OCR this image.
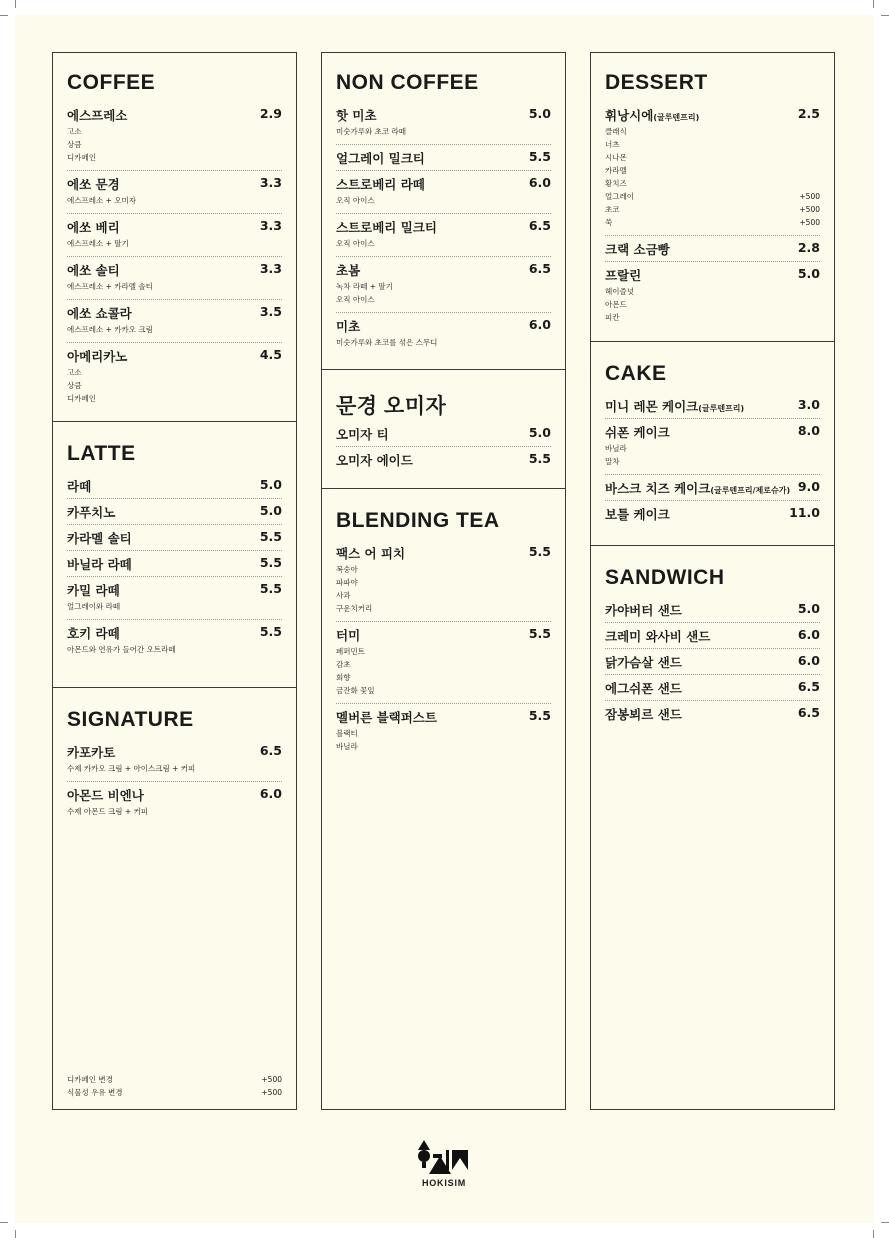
COFFEE
에스프레소	2.9
고소
상큼
디카페인
에쏘 문경	3.3
에스프레소 + 오미자
에쏘 베리	3.3
에스프레소 + 딸기
에쏘 솔티	3.3
에스프레소 + 카라멜 솔티
에쏘 쇼콜라	3.5
에스프레소 + 카카오 크림
아메리카노	4.5
고소
상큼
디카페인
LATTE
라떼	5.0
카푸치노	5.0
카라멜 솔티	5.5
바닐라 라떼	5.5
카밀 라떼	5.5
얼그레이와 라떼
호키 라떼	5.5
아몬드와 연유가 들어간 오트라떼
SIGNATURE
카포카토	6.5
수제 카카오 크림 + 아이스크림 + 커피
아몬드 비엔나	6.0
수제 아몬드 크림 + 커피
디카페인 변경	+500
식물성 우유 변경	+500
NON COFFEE
핫 미초	5.0
미숫가루와 초코 라떼
얼그레이 밀크티	5.5
스트로베리 라떼	6.0
오직 아이스
스트로베리 밀크티	6.5
오직 아이스
초봄	6.5
녹차 라떼 + 딸기
오직 아이스
미초	6.0
미숫가루와 초코를 섞은 스무디
문경 오미자
오미자 티	5.0
오미자 에이드	5.5
BLENDING TEA
팩스 어 피치	5.5
복숭아
파파야
사과
구운치커리
터미	5.5
페퍼민트
감초
회향
금잔화 꽃잎
멜버른 블랙퍼스트	5.5
블랙티
바닐라
DESSERT
휘낭시에(글루텐프리)	2.5
클래식
너츠
시나몬
카라멜
황치즈
얼그레이	+500
초코	+500
쑥	+500
크랙 소금빵	2.8
프랄린	5.0
헤이즐넛
아몬드
피칸
CAKE
미니 레몬 케이크(글루텐프리)	3.0
쉬폰 케이크	8.0
바닐라
말차
바스크 치즈 케이크(글루텐프리/제로슈가) 9.0
보틀 케이크	11.0
SANDWICH
카야버터 샌드	5.0
크레미 와사비 샌드	6.0
닭가슴살 샌드	6.0
에그쉬폰 샌드	6.5
잠봉뵈르 샌드	6.5
HOKISIM
